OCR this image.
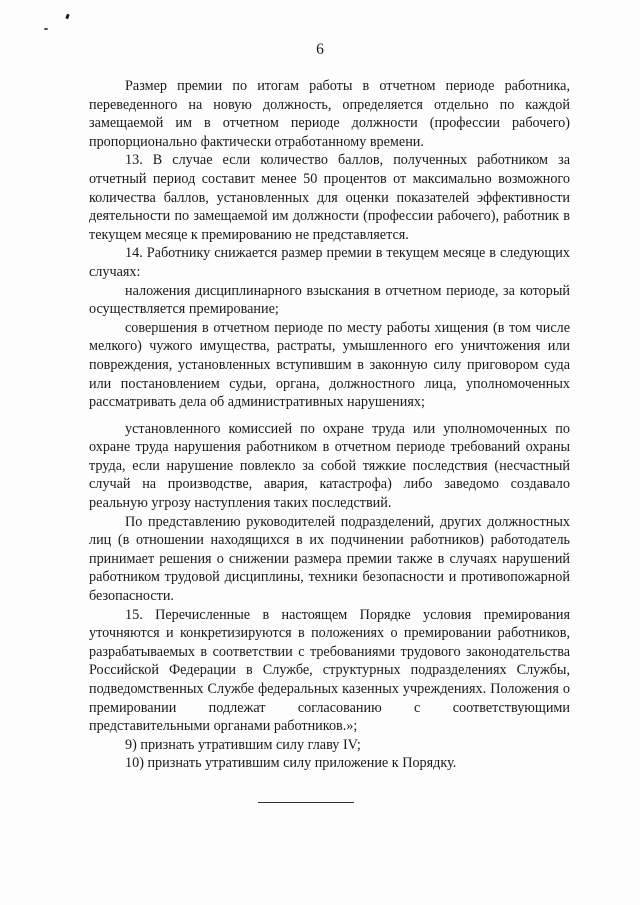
6

Размер премии по итогам работы в отчетном периоде работника, переведенного на новую должность, определяется отдельно по каждой замещаемой им в отчетном периоде должности (профессии рабочего) пропорционально фактически отработанному времени.

13. В случае если количество баллов, полученных работником за отчетный период составит менее 50 процентов от максимально возможного количества баллов, установленных для оценки показателей эффективности деятельности по замещаемой им должности (профессии рабочего), работник в текущем месяце к премированию не представляется.

14. Работнику снижается размер премии в текущем месяце в следующих случаях:

наложения дисциплинарного взыскания в отчетном периоде, за который осуществляется премирование;

совершения в отчетном периоде по месту работы хищения (в том числе мелкого) чужого имущества, растраты, умышленного его уничтожения или повреждения, установленных вступившим в законную силу приговором суда или постановлением судьи, органа, должностного лица, уполномоченных рассматривать дела об административных нарушениях;

установленного комиссией по охране труда или уполномоченных по охране труда нарушения работником в отчетном периоде требований охраны труда, если нарушение повлекло за собой тяжкие последствия (несчастный случай на производстве, авария, катастрофа) либо заведомо создавало реальную угрозу наступления таких последствий.

По представлению руководителей подразделений, других должностных лиц (в отношении находящихся в их подчинении работников) работодатель принимает решения о снижении размера премии также в случаях нарушений работником трудовой дисциплины, техники безопасности и противопожарной безопасности.

15. Перечисленные в настоящем Порядке условия премирования уточняются и конкретизируются в положениях о премировании работников, разрабатываемых в соответствии с требованиями трудового законодательства Российской Федерации в Службе, структурных подразделениях Службы, подведомственных Службе федеральных казенных учреждениях. Положения о премировании подлежат согласованию с соответствующими представительными органами работников.»;

9) признать утратившим силу главу IV;

10) признать утратившим силу приложение к Порядку.
